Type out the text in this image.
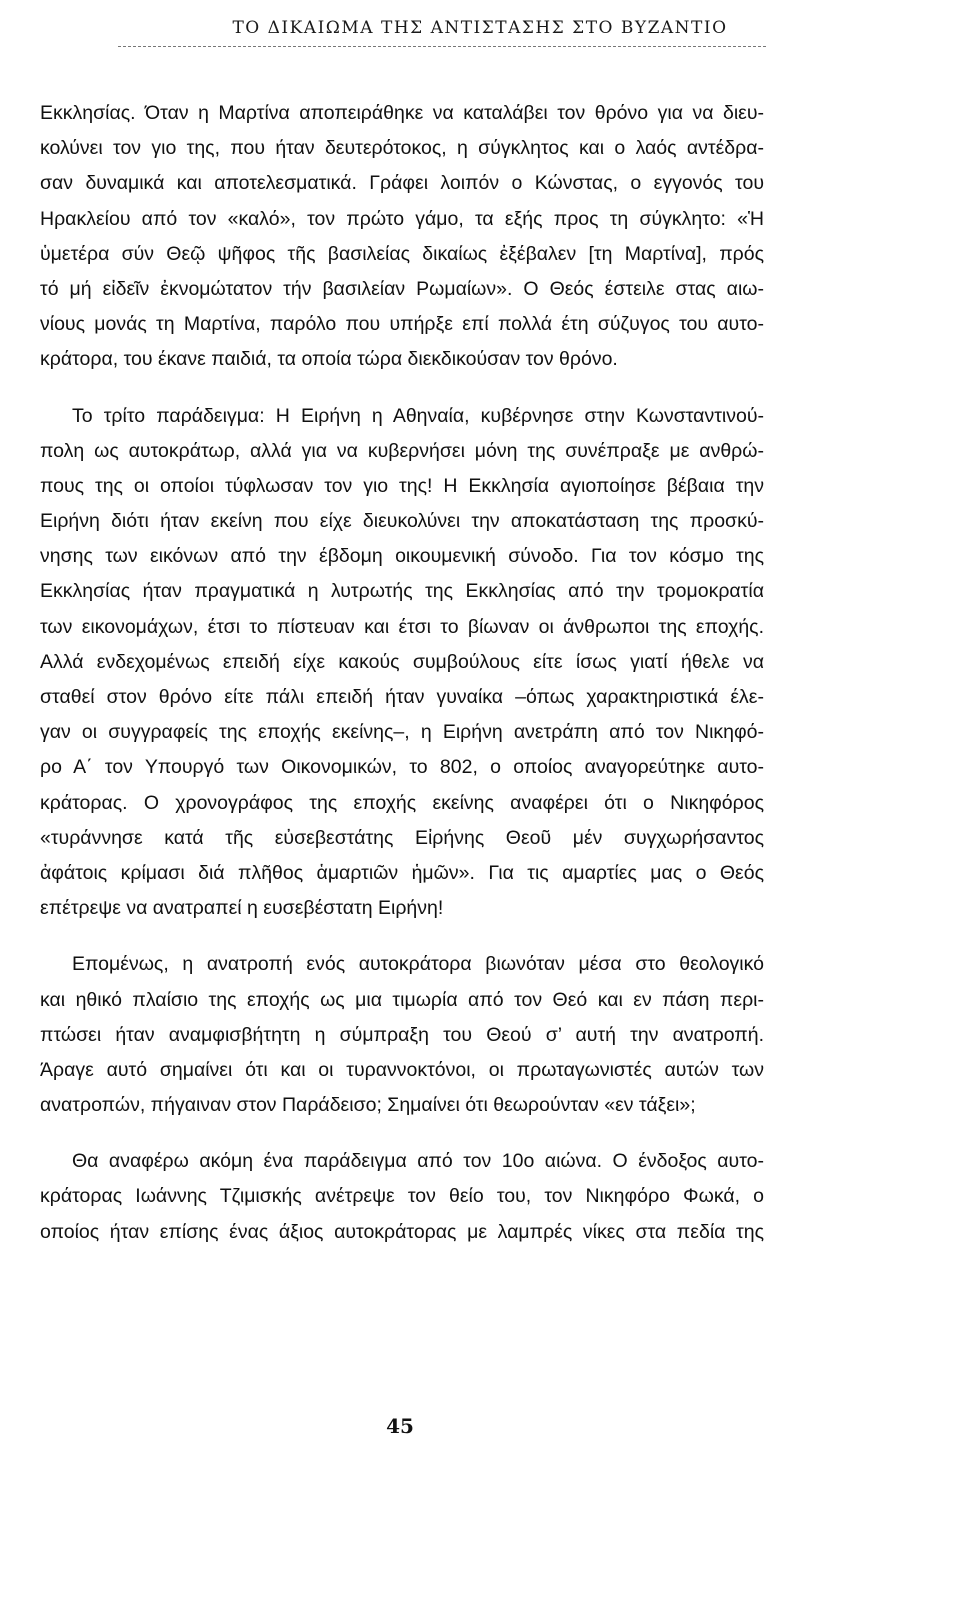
ΤΟ ΔΙΚΑΙΩΜΑ ΤΗΣ ΑΝΤΙΣΤΑΣΗΣ ΣΤΟ ΒΥΖΑΝΤΙΟ
Εκκλησίας. Όταν η Μαρτίνα αποπειράθηκε να καταλάβει τον θρόνο για να διευ-
κολύνει τον γιο της, που ήταν δευτερότοκος, η σύγκλητος και ο λαός αντέδρα-
σαν δυναμικά και αποτελεσματικά. Γράφει λοιπόν ο Κώνστας, ο εγγονός του
Ηρακλείου από τον «καλό», τον πρώτο γάμο, τα εξής προς τη σύγκλητο: «Ἡ
ὑμετέρα σύν Θεῷ ψῆφος τῆς βασιλείας δικαίως ἐξέβαλεν [τη Μαρτίνα], πρός
τό μή εἰδεῖν ἐκνομώτατον τήν βασιλείαν Ρωμαίων». Ο Θεός έστειλε στας αιω-
νίους μονάς τη Μαρτίνα, παρόλο που υπήρξε επί πολλά έτη σύζυγος του αυτο-
κράτορα, του έκανε παιδιά, τα οποία τώρα διεκδικούσαν τον θρόνο.
Το τρίτο παράδειγμα: Η Ειρήνη η Αθηναία, κυβέρνησε στην Κωνσταντινού-
πολη ως αυτοκράτωρ, αλλά για να κυβερνήσει μόνη της συνέπραξε με ανθρώ-
πους της οι οποίοι τύφλωσαν τον γιο της! Η Εκκλησία αγιοποίησε βέβαια την
Ειρήνη διότι ήταν εκείνη που είχε διευκολύνει την αποκατάσταση της προσκύ-
νησης των εικόνων από την έβδομη οικουμενική σύνοδο. Για τον κόσμο της
Εκκλησίας ήταν πραγματικά η λυτρωτής της Εκκλησίας από την τρομοκρατία
των εικονομάχων, έτσι το πίστευαν και έτσι το βίωναν οι άνθρωποι της εποχής.
Αλλά ενδεχομένως επειδή είχε κακούς συμβούλους είτε ίσως γιατί ήθελε να
σταθεί στον θρόνο είτε πάλι επειδή ήταν γυναίκα –όπως χαρακτηριστικά έλε-
γαν οι συγγραφείς της εποχής εκείνης–, η Ειρήνη ανετράπη από τον Νικηφό-
ρο Α΄ τον Υπουργό των Οικονομικών, το 802, ο οποίος αναγορεύτηκε αυτο-
κράτορας. Ο χρονογράφος της εποχής εκείνης αναφέρει ότι ο Νικηφόρος
«τυράννησε κατά τῆς εὐσεβεστάτης Εἰρήνης Θεοῦ μέν συγχωρήσαντος
ἀφάτοις κρίμασι διά πλῆθος ἁμαρτιῶν ἡμῶν». Για τις αμαρτίες μας ο Θεός
επέτρεψε να ανατραπεί η ευσεβέστατη Ειρήνη!
Επομένως, η ανατροπή ενός αυτοκράτορα βιωνόταν μέσα στο θεολογικό
και ηθικό πλαίσιο της εποχής ως μια τιμωρία από τον Θεό και εν πάση περι-
πτώσει ήταν αναμφισβήτητη η σύμπραξη του Θεού σ’ αυτή την ανατροπή.
Άραγε αυτό σημαίνει ότι και οι τυραννοκτόνοι, οι πρωταγωνιστές αυτών των
ανατροπών, πήγαιναν στον Παράδεισο; Σημαίνει ότι θεωρούνταν «εν τάξει»;
Θα αναφέρω ακόμη ένα παράδειγμα από τον 10ο αιώνα. Ο ένδοξος αυτο-
κράτορας Ιωάννης Τζιμισκής ανέτρεψε τον θείο του, τον Νικηφόρο Φωκά, ο
οποίος ήταν επίσης ένας άξιος αυτοκράτορας με λαμπρές νίκες στα πεδία της
45
